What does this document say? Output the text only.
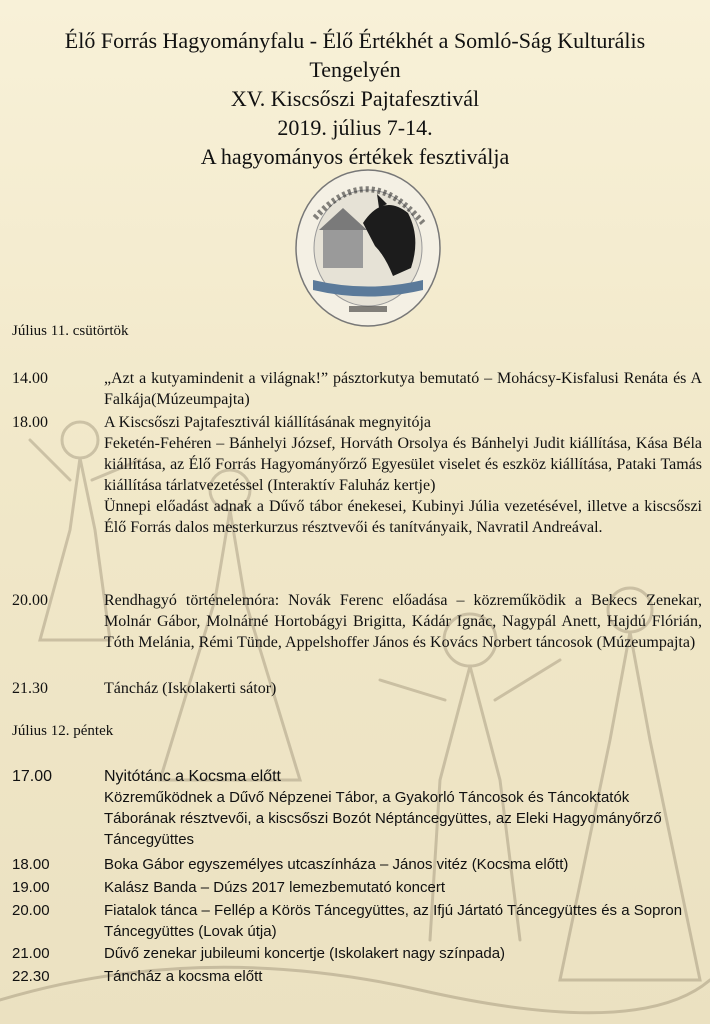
Élő Forrás Hagyományfalu - Élő Értékhét a Somló-Ság Kulturális
Tengelyén
XV. Kiscsőszi Pajtafesztivál
2019. július 7-14.
A hagyományos értékek fesztiválja
Július 11. csütörtök
14.00	„Azt a kutyamindenit a világnak!” pásztorkutya bemutató – Mohácsy-Kisfalusi Renáta és A Falkája(Múzeumpajta)

18.00	A Kiscsőszi Pajtafesztivál kiállításának megnyitója

Feketén-Fehéren – Bánhelyi József, Horváth Orsolya és Bánhelyi Judit kiállítása, Kása Béla kiállítása, az Élő Forrás Hagyományőrző Egyesület viselet és eszköz kiállítása, Pataki Tamás kiállítása tárlatvezetéssel (Interaktív Faluház kertje)

Ünnepi előadást adnak a Dűvő tábor énekesei, Kubinyi Júlia vezetésével, illetve a kiscsőszi Élő Forrás dalos mesterkurzus résztvevői és tanítványaik, Navratil Andreával.

20.00	Rendhagyó történelemóra: Novák Ferenc előadása – közreműködik a Bekecs Zenekar, Molnár Gábor, Molnárné Hortobágyi Brigitta, Kádár Ignác, Nagypál Anett, Hajdú Flórián, Tóth Melánia, Rémi Tünde, Appelshoffer János és Kovács Norbert táncosok (Múzeumpajta)

21.30	Táncház (Iskolakerti sátor)

Július 12. péntek
17.00	Nyitótánc a Kocsma előtt

Közreműködnek a Dűvő Népzenei Tábor, a Gyakorló Táncosok és Táncoktatók Táborának résztvevői, a kiscsőszi Bozót Néptáncegyüttes, az Eleki Hagyományőrző Táncegyüttes

18.00	Boka Gábor egyszemélyes utcaszínháza – János vitéz (Kocsma előtt)

19.00	Kalász Banda – Dúzs 2017 lemezbemutató koncert

20.00	Fiatalok tánca – Fellép a Körös Táncegyüttes, az Ifjú Jártató Táncegyüttes és a Sopron Táncegyüttes (Lovak útja)

21.00	Dűvő zenekar jubileumi koncertje (Iskolakert nagy színpada)

22.30	Táncház a kocsma előtt
